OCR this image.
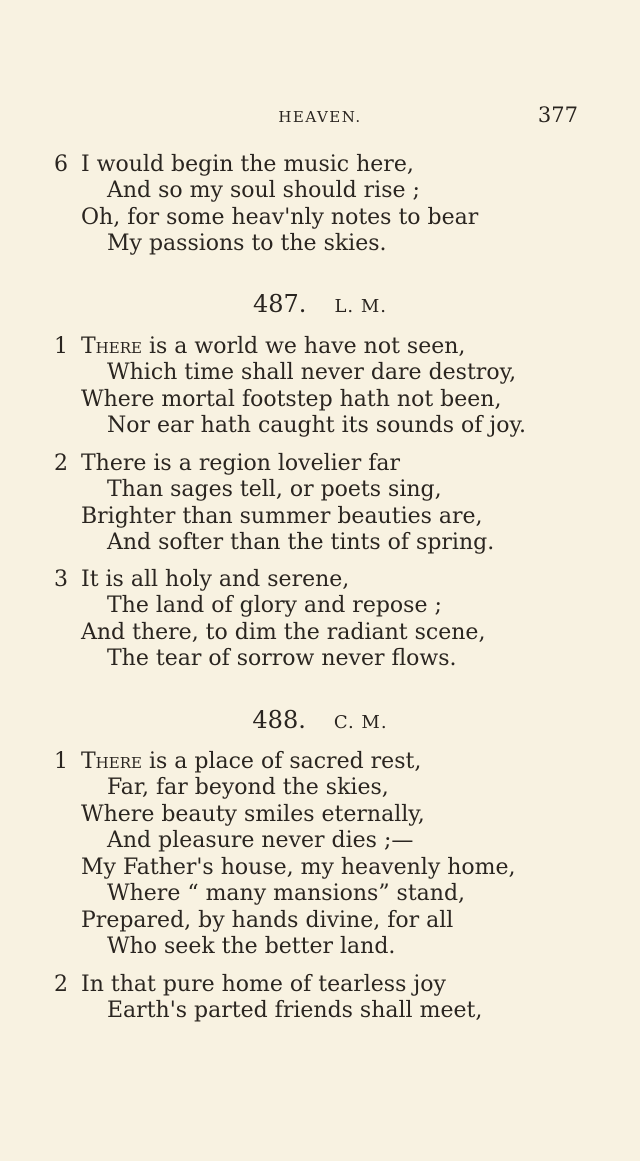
HEAVEN.	377
6 I would begin the music here,
And so my soul should rise ;
Oh, for some heav'nly notes to bear
My passions to the skies.
487. L. M.
1 There is a world we have not seen,
Which time shall never dare destroy,
Where mortal footstep hath not been,
Nor ear hath caught its sounds of joy.
2 There is a region lovelier far
Than sages tell, or poets sing,
Brighter than summer beauties are,
And softer than the tints of spring.
3 It is all holy and serene,
The land of glory and repose ;
And there, to dim the radiant scene,
The tear of sorrow never flows.
488. C. M.
1 There is a place of sacred rest,
Far, far beyond the skies,
Where beauty smiles eternally,
And pleasure never dies ;—
My Father's house, my heavenly home,
Where “ many mansions” stand,
Prepared, by hands divine, for all
Who seek the better land.
2 In that pure home of tearless joy
Earth's parted friends shall meet,
